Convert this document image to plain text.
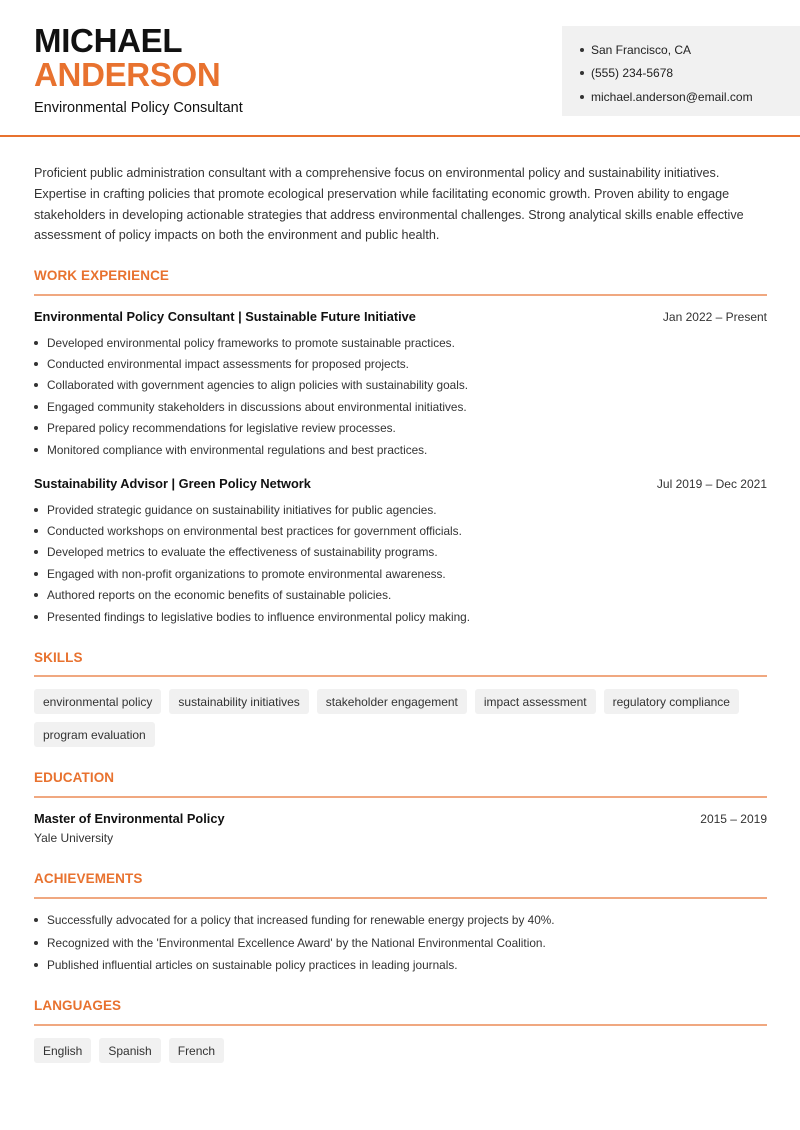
MICHAEL
ANDERSON
Environmental Policy Consultant
San Francisco, CA
(555) 234-5678
michael.anderson@email.com
Proficient public administration consultant with a comprehensive focus on environmental policy and sustainability initiatives. Expertise in crafting policies that promote ecological preservation while facilitating economic growth. Proven ability to engage stakeholders in developing actionable strategies that address environmental challenges. Strong analytical skills enable effective assessment of policy impacts on both the environment and public health.
WORK EXPERIENCE
Environmental Policy Consultant | Sustainable Future Initiative	Jan 2022 – Present
Developed environmental policy frameworks to promote sustainable practices.
Conducted environmental impact assessments for proposed projects.
Collaborated with government agencies to align policies with sustainability goals.
Engaged community stakeholders in discussions about environmental initiatives.
Prepared policy recommendations for legislative review processes.
Monitored compliance with environmental regulations and best practices.
Sustainability Advisor | Green Policy Network	Jul 2019 – Dec 2021
Provided strategic guidance on sustainability initiatives for public agencies.
Conducted workshops on environmental best practices for government officials.
Developed metrics to evaluate the effectiveness of sustainability programs.
Engaged with non-profit organizations to promote environmental awareness.
Authored reports on the economic benefits of sustainable policies.
Presented findings to legislative bodies to influence environmental policy making.
SKILLS
environmental policy	sustainability initiatives	stakeholder engagement	impact assessment	regulatory compliance
program evaluation
EDUCATION
Master of Environmental Policy	2015 – 2019
Yale University
ACHIEVEMENTS
Successfully advocated for a policy that increased funding for renewable energy projects by 40%.
Recognized with the 'Environmental Excellence Award' by the National Environmental Coalition.
Published influential articles on sustainable policy practices in leading journals.
LANGUAGES
English	Spanish	French
